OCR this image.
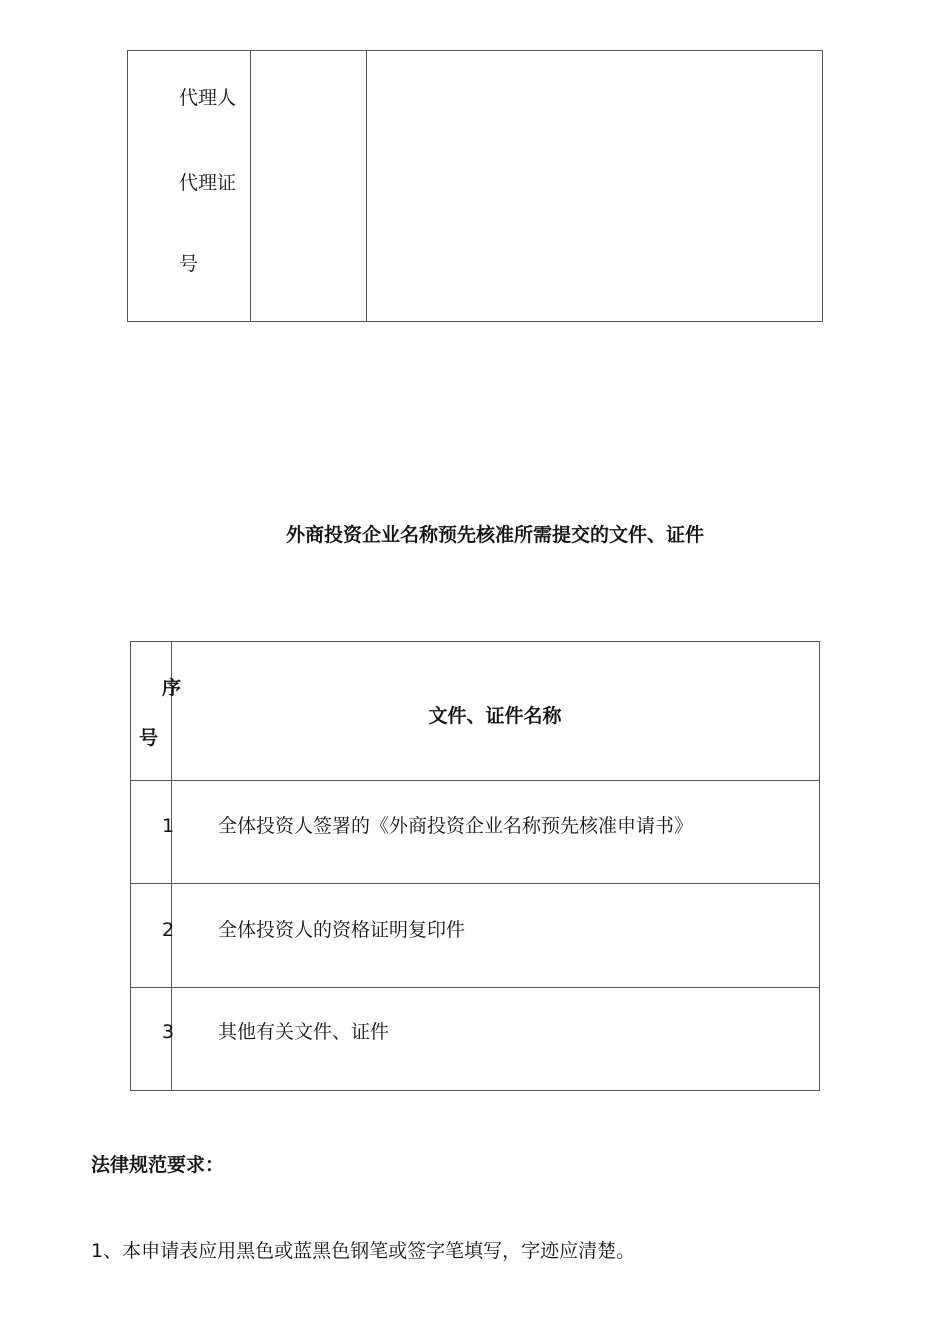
代理人
代理证
号
外商投资企业名称预先核准所需提交的文件、证件
序
号
文件、证件名称
1 全体投资人签署的《外商投资企业名称预先核准申请书》
2 全体投资人的资格证明复印件
3 其他有关文件、证件
法律规范要求：
1、本申请表应用黑色或蓝黑色钢笔或签字笔填写，字迹应清楚。
